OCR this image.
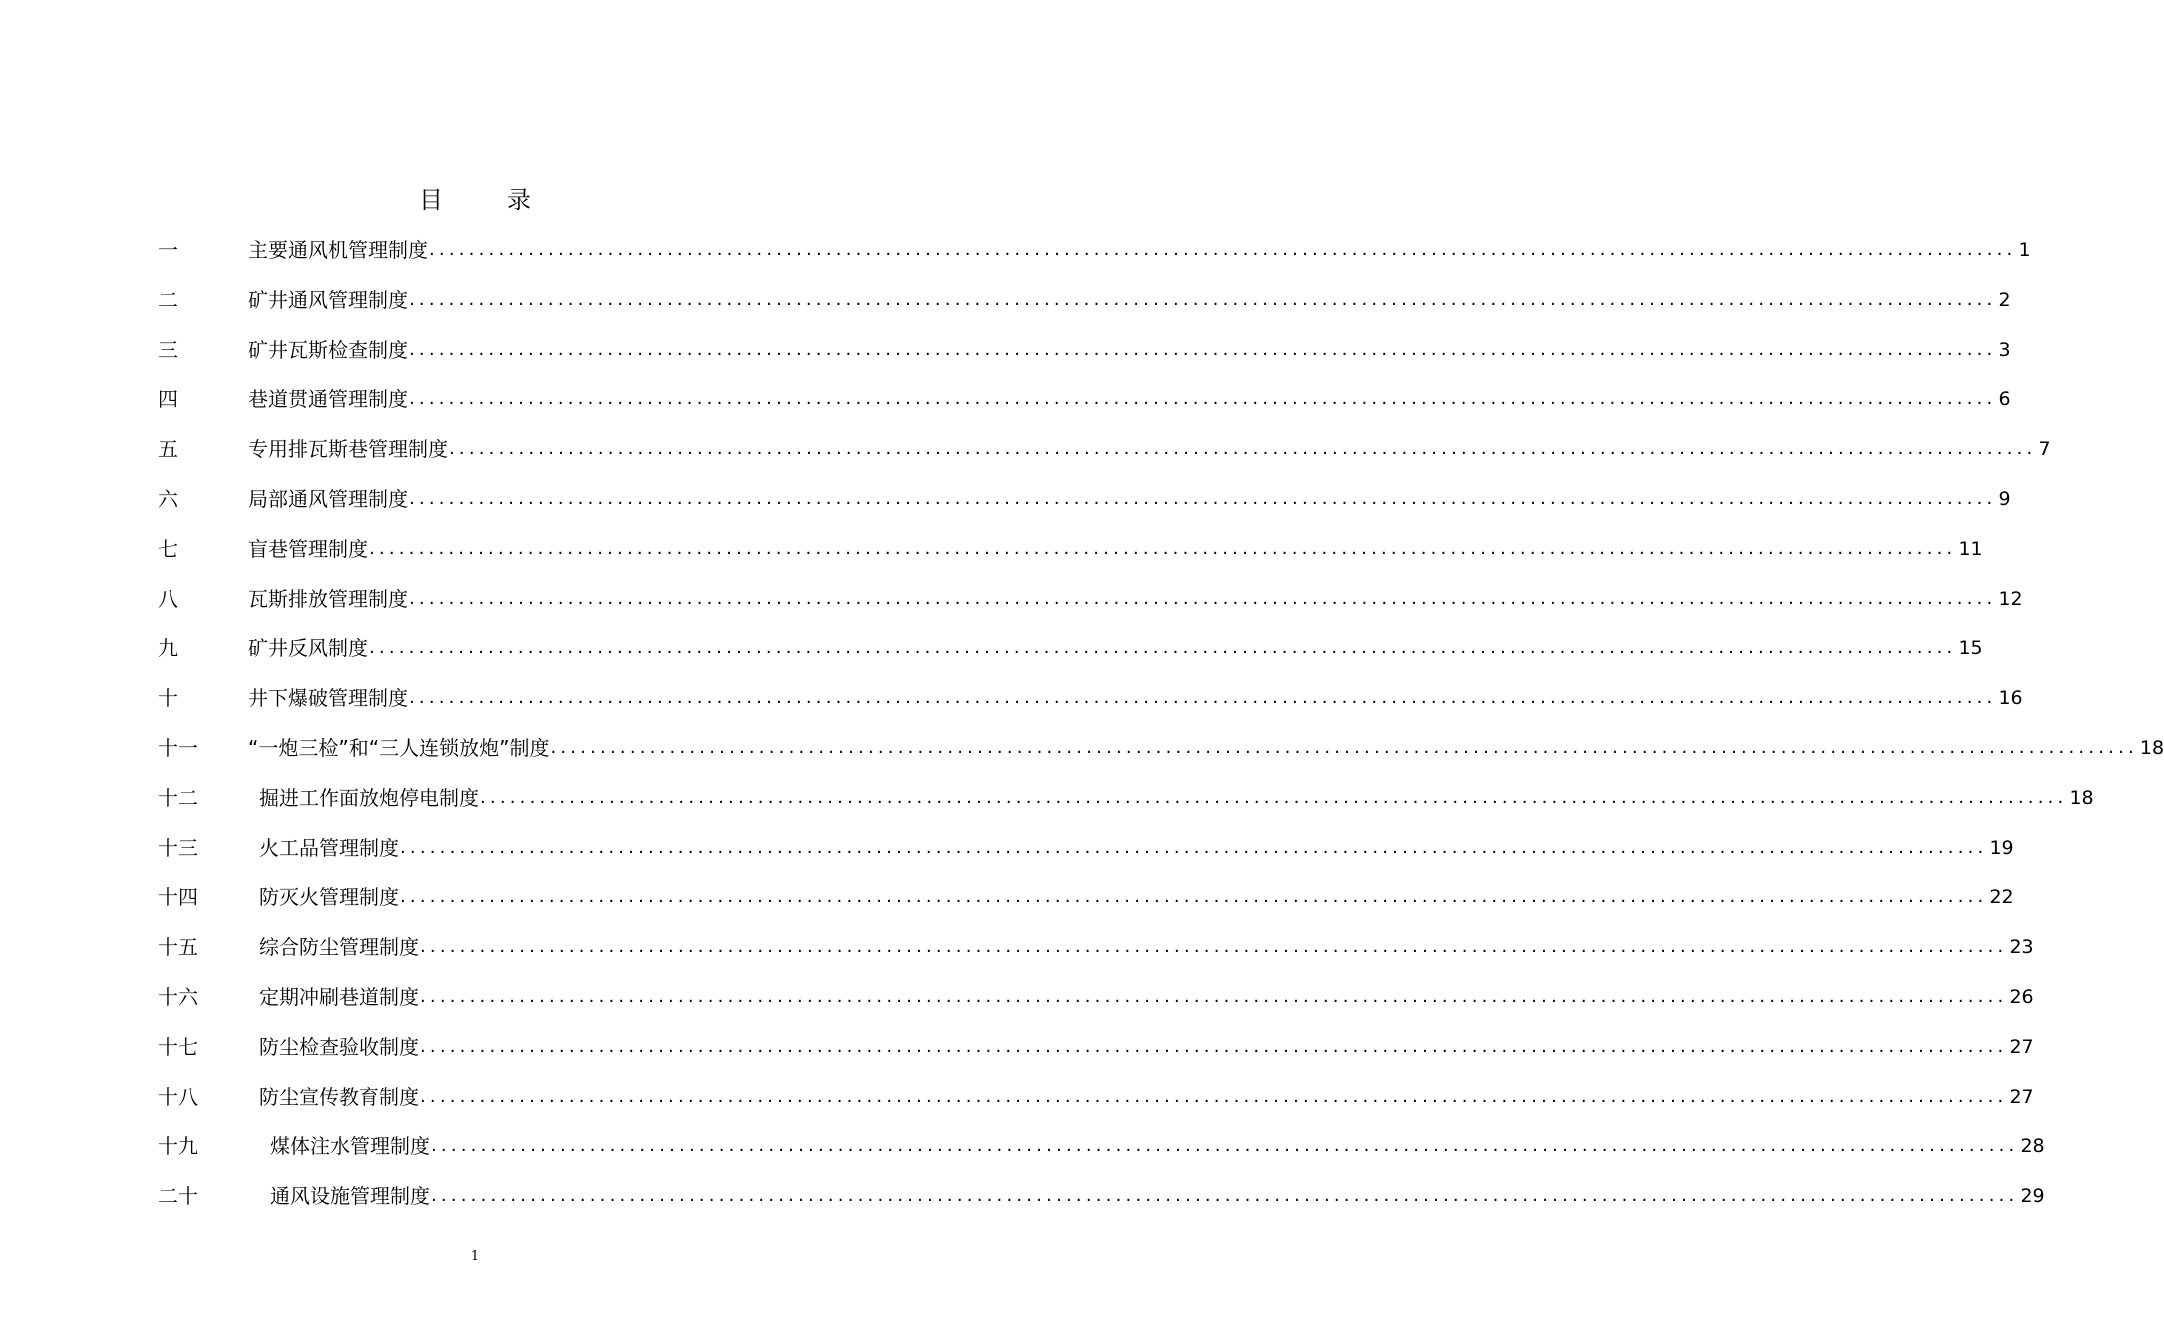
目	录
一	主要通风机管理制度 ................................................................................................................................................................ 1
二	矿井通风管理制度 ................................................................................................................................................................ 2
三	矿井瓦斯检查制度 ................................................................................................................................................................ 3
四	巷道贯通管理制度 ................................................................................................................................................................ 6
五	专用排瓦斯巷管理制度 ................................................................................................................................................................ 7
六	局部通风管理制度 ................................................................................................................................................................ 9
七	盲巷管理制度 ................................................................................................................................................................ 11
八	瓦斯排放管理制度 ................................................................................................................................................................ 12
九	矿井反风制度 ................................................................................................................................................................ 15
十	井下爆破管理制度 ................................................................................................................................................................ 16
十一	“一炮三检”和“三人连锁放炮”制度 ................................................................................................................................................................ 18
十二	掘进工作面放炮停电制度 ................................................................................................................................................................ 18
十三	火工品管理制度 ................................................................................................................................................................ 19
十四	防灭火管理制度 ................................................................................................................................................................ 22
十五	综合防尘管理制度 ................................................................................................................................................................ 23
十六	定期冲刷巷道制度 ................................................................................................................................................................ 26
十七	防尘检查验收制度 ................................................................................................................................................................ 27
十八	防尘宣传教育制度 ................................................................................................................................................................ 27
十九	煤体注水管理制度 ................................................................................................................................................................ 28
二十	通风设施管理制度 ................................................................................................................................................................ 29
1
